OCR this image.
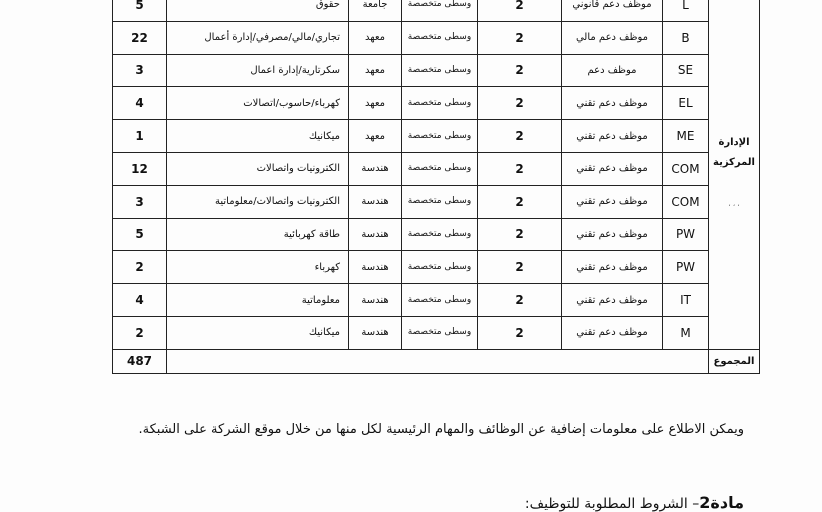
5	حقوق	جامعة	وسطى متخصصة	2	موظف دعم قانوني	L	الإدارة المركزية
، ، ،

22	تجاري/مالي/مصرفي/إدارة أعمال	معهد	وسطى متخصصة	2	موظف دعم مالي	B	
3	سكرتارية/إدارة اعمال	معهد	وسطى متخصصة	2	موظف دعم	SE	
4	كهرباء/حاسوب/اتصالات	معهد	وسطى متخصصة	2	موظف دعم تقني	EL	
1	ميكانيك	معهد	وسطى متخصصة	2	موظف دعم تقني	ME	
12	الكترونيات واتصالات	هندسة	وسطى متخصصة	2	موظف دعم تقني	COM	
3	الكترونيات واتصالات/معلوماتية	هندسة	وسطى متخصصة	2	موظف دعم تقني	COM	
5	طاقة كهربائية	هندسة	وسطى متخصصة	2	موظف دعم تقني	PW	
2	كهرباء	هندسة	وسطى متخصصة	2	موظف دعم تقني	PW	
4	معلوماتية	هندسة	وسطى متخصصة	2	موظف دعم تقني	IT	
2	ميكانيك	هندسة	وسطى متخصصة	2	موظف دعم تقني	M	
487							المجموع
ويمكن الاطلاع على معلومات إضافية عن الوظائف والمهام الرئيسية لكل منها من خلال موقع الشركة على الشبكة.
مادة2– الشروط المطلوبة للتوظيف:
